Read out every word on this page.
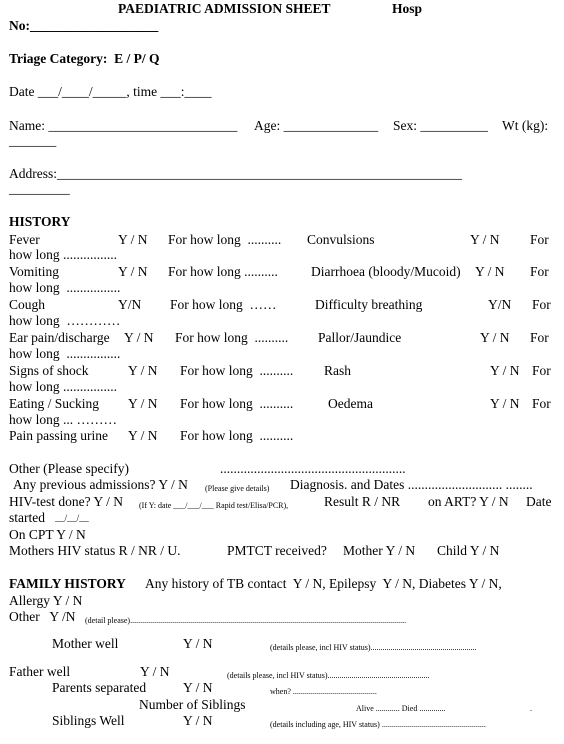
PAEDIATRIC ADMISSION SHEET	Hosp
No:___________________
Triage Category:  E / P/ Q
Date ___/____/_____, time ___:____
Name: ____________________________ Age: ______________ Sex: __________ Wt (kg):
_______
Address:____________________________________________________________
_________
HISTORY
Fever	Y / N For how long  .......... Convulsions	Y / N For
how long ................
Vomiting	Y / N For how long .......... Diarrhoea (bloody/Mucoid) Y / N For
how long  ................
Cough	Y/N For how long  ……	Difficulty breathing	Y/N For
how long  …………
Ear pain/discharge Y / N For how long  .......... Pallor/Jaundice	Y / N For
how long  ................
Signs of shock	Y / N For how long  .......... Rash	Y / N For
how long ................
Eating / Sucking Y / N For how long  ..........	Oedema	Y / N For
how long ... ………
Pain passing urine Y / N For how long  ..........
Other (Please specify)	.......................................................
Any previous admissions? Y / N (Please give details) Diagnosis. and Dates ............................ ........
HIV-test done? Y / N (If Y: date ___/___/___ Rapid test/Elisa/PCR),	Result R / NR on ART? Y / N Date
started __/__/__
On CPT Y / N
Mothers HIV status R / NR / U.	PMTCT received? Mother Y / N Child Y / N
FAMILY HISTORY Any history of TB contact  Y / N, Epilepsy  Y / N, Diabetes Y / N,
Allergy Y / N
Other   Y /N (detail please)..........................................................................................................................................
Mother well	Y / N	(details please, incl HIV status).....................................................
Father well	Y / N	(details please, incl HIV status)...................................................
Parents separated	Y / N	when? ..........................................
Number of Siblings	Alive ............ Died .............	.
Siblings Well	Y / N	(details including age, HIV status) ....................................................
